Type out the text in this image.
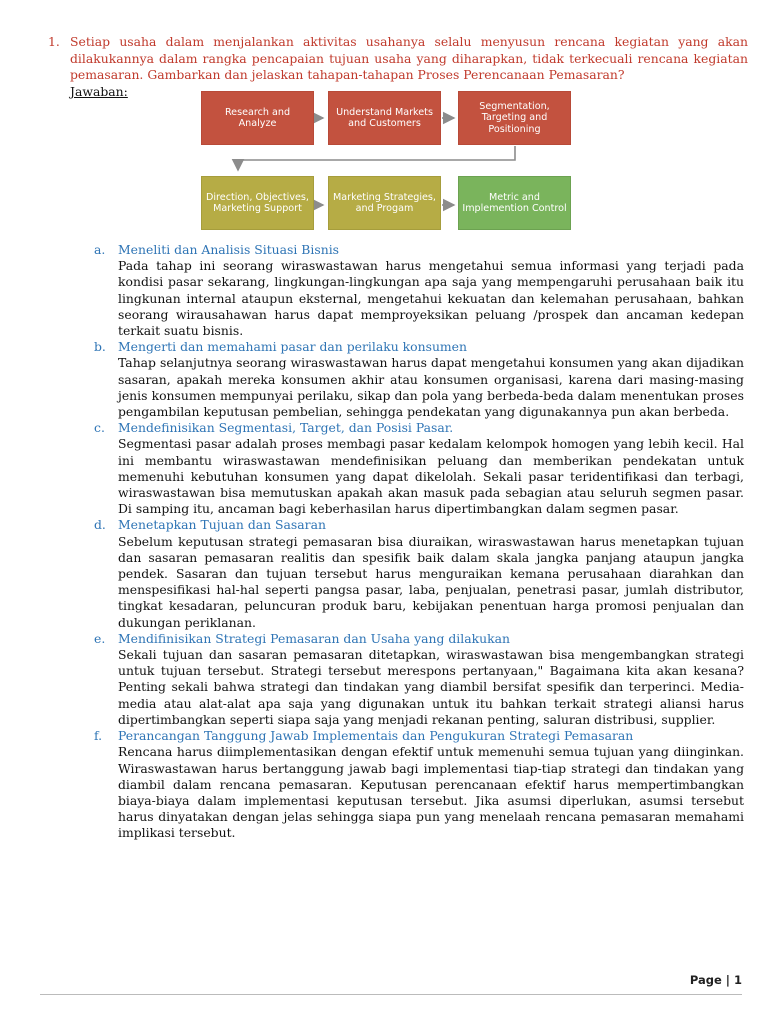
1. Setiap usaha dalam menjalankan aktivitas usahanya selalu menyusun rencana kegiatan yang akan dilakukannya dalam rangka pencapaian tujuan usaha yang diharapkan, tidak terkecuali rencana kegiatan pemasaran. Gambarkan dan jelaskan tahapan-tahapan Proses Perencanaan Pemasaran?
Jawaban:
Research and Analyze
Understand Markets and Customers
Segmentation, Targeting and Positioning
Direction, Objectives, Marketing Support
Marketing Strategies, and Progam
Metric and Implemention Control
a. Meneliti dan Analisis Situasi Bisnis
Pada tahap ini seorang wiraswastawan harus mengetahui semua informasi yang terjadi pada kondisi pasar sekarang, lingkungan-lingkungan apa saja yang mempengaruhi perusahaan baik itu lingkunan internal ataupun eksternal, mengetahui kekuatan dan kelemahan perusahaan, bahkan seorang wirausahawan harus dapat memproyeksikan peluang /prospek dan ancaman kedepan terkait suatu bisnis.
b. Mengerti dan memahami pasar dan perilaku konsumen
Tahap selanjutnya seorang wiraswastawan harus dapat mengetahui konsumen yang akan dijadikan sasaran, apakah mereka konsumen akhir atau konsumen organisasi, karena dari masing-masing jenis konsumen mempunyai perilaku, sikap dan pola yang berbeda-beda dalam menentukan proses pengambilan keputusan pembelian, sehingga pendekatan yang digunakannya pun akan berbeda.
c. Mendefinisikan Segmentasi, Target, dan Posisi Pasar.
Segmentasi pasar adalah proses membagi pasar kedalam kelompok homogen yang lebih kecil. Hal ini membantu wiraswastawan mendefinisikan peluang dan memberikan pendekatan untuk memenuhi kebutuhan konsumen yang dapat dikelolah. Sekali pasar teridentifikasi dan terbagi, wiraswastawan bisa memutuskan apakah akan masuk pada sebagian atau seluruh segmen pasar. Di samping itu, ancaman bagi keberhasilan harus dipertimbangkan dalam segmen pasar.
d. Menetapkan Tujuan dan Sasaran
Sebelum keputusan strategi pemasaran bisa diuraikan, wiraswastawan harus menetapkan tujuan dan sasaran pemasaran realitis dan spesifik baik dalam skala jangka panjang ataupun jangka pendek. Sasaran dan tujuan tersebut harus menguraikan kemana perusahaan diarahkan dan menspesifikasi hal-hal seperti pangsa pasar, laba, penjualan, penetrasi pasar, jumlah distributor, tingkat kesadaran, peluncuran produk baru, kebijakan penentuan harga promosi penjualan dan dukungan periklanan.
e. Mendifinisikan Strategi Pemasaran dan Usaha yang dilakukan
Sekali tujuan dan sasaran pemasaran ditetapkan, wiraswastawan bisa mengembangkan strategi untuk tujuan tersebut. Strategi tersebut merespons pertanyaan," Bagaimana kita akan kesana? Penting sekali bahwa strategi dan tindakan yang diambil bersifat spesifik dan terperinci. Media-media atau alat-alat apa saja yang digunakan untuk itu bahkan terkait strategi aliansi harus dipertimbangkan seperti siapa saja yang menjadi rekanan penting, saluran distribusi, supplier.
f. Perancangan Tanggung Jawab Implementais dan Pengukuran Strategi Pemasaran
Rencana harus diimplementasikan dengan efektif untuk memenuhi semua tujuan yang diinginkan. Wiraswastawan harus bertanggung jawab bagi implementasi tiap-tiap strategi dan tindakan yang diambil dalam rencana pemasaran. Keputusan perencanaan efektif harus mempertimbangkan biaya-biaya dalam implementasi keputusan tersebut. Jika asumsi diperlukan, asumsi tersebut harus dinyatakan dengan jelas sehingga siapa pun yang menelaah rencana pemasaran memahami implikasi tersebut.
Page | 1
